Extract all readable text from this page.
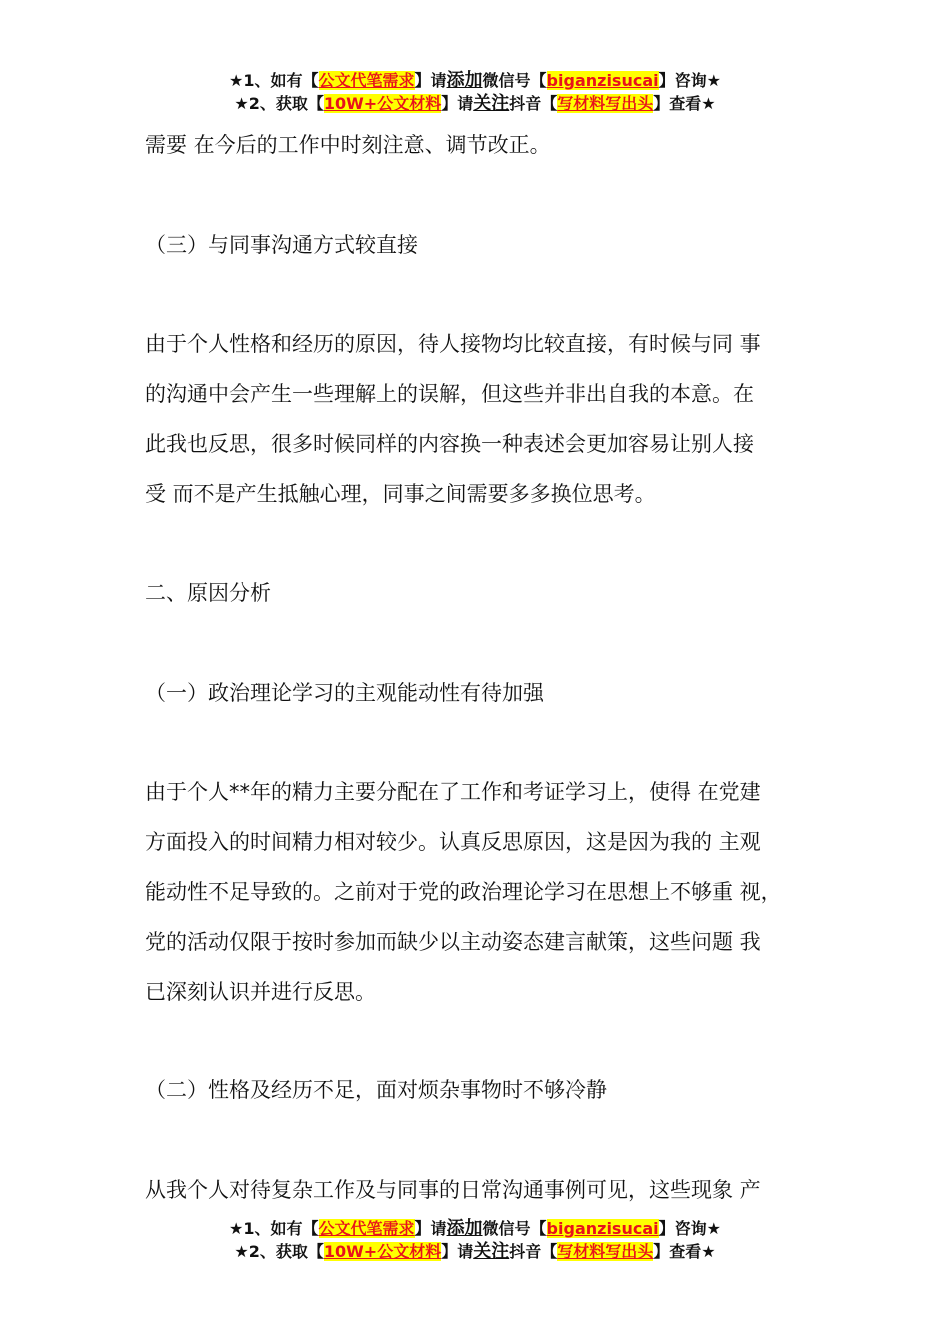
★1、如有【公文代笔需求】请添加微信号【biganzisucai】咨询★
★2、获取【10W+公文材料】请关注抖音【写材料写出头】查看★
需要 在今后的工作中时刻注意、调节改正。
（三）与同事沟通方式较直接
由于个人性格和经历的原因，待人接物均比较直接，有时候与同 事
的沟通中会产生一些理解上的误解，但这些并非出自我的本意。在
此我也反思，很多时候同样的内容换一种表述会更加容易让别人接
受 而不是产生抵触心理，同事之间需要多多换位思考。
二、原因分析
（一）政治理论学习的主观能动性有待加强
由于个人**年的精力主要分配在了工作和考证学习上，使得 在党建
方面投入的时间精力相对较少。认真反思原因，这是因为我的 主观
能动性不足导致的。之前对于党的政治理论学习在思想上不够重 视，
党的活动仅限于按时参加而缺少以主动姿态建言献策，这些问题 我
已深刻认识并进行反思。
（二）性格及经历不足，面对烦杂事物时不够冷静
从我个人对待复杂工作及与同事的日常沟通事例可见，这些现象 产
★1、如有【公文代笔需求】请添加微信号【biganzisucai】咨询★
★2、获取【10W+公文材料】请关注抖音【写材料写出头】查看★
